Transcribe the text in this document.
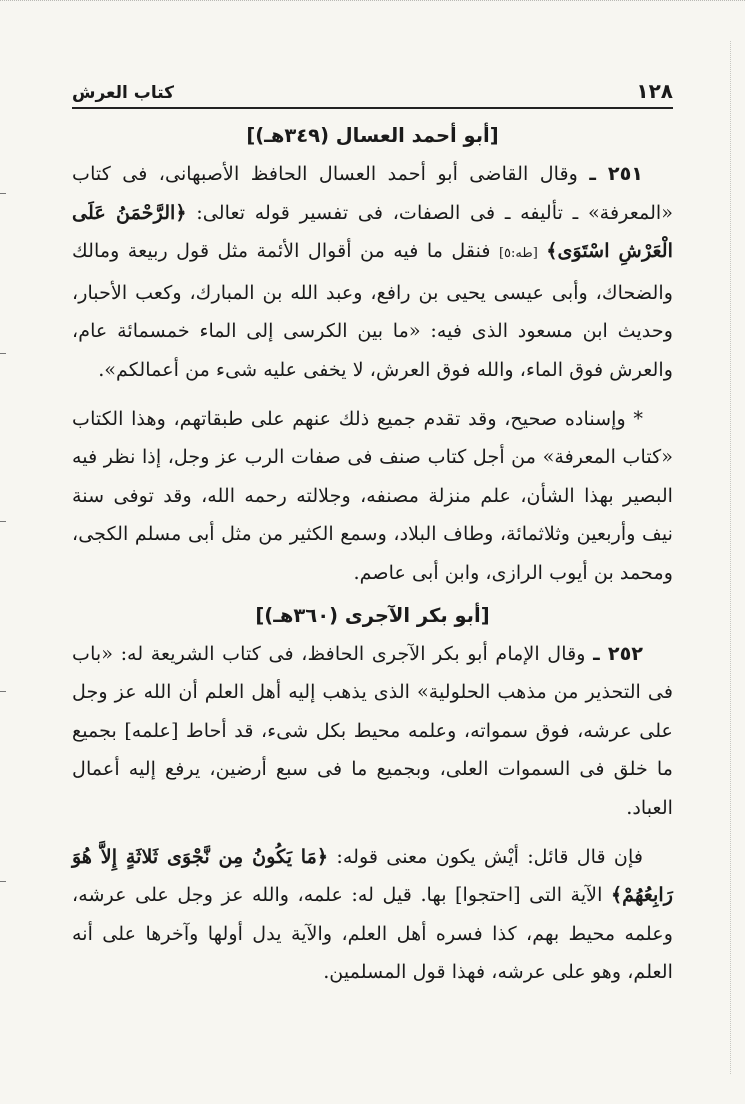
١٢٨
كتاب العرش
[أبو أحمد العسال (٣٤٩هـ)]

٢٥١ ـ وقال القاضى أبو أحمد العسال الحافظ الأصبهانى، فى كتاب «المعرفة» ـ تأليفه ـ فى الصفات، فى تفسير قوله تعالى: ﴿الرَّحْمَنُ عَلَى الْعَرْشِ اسْتَوَى﴾ [طه:٥] فنقل ما فيه من أقوال الأئمة مثل قول ربيعة ومالك والضحاك، وأبى عيسى يحيى بن رافع، وعبد الله بن المبارك، وكعب الأحبار، وحديث ابن مسعود الذى فيه: «ما بين الكرسى إلى الماء خمسمائة عام، والعرش فوق الماء، والله فوق العرش، لا يخفى عليه شىء من أعمالكم».

* وإسناده صحيح، وقد تقدم جميع ذلك عنهم على طبقاتهم، وهذا الكتاب «كتاب المعرفة» من أجل كتاب صنف فى صفات الرب عز وجل، إذا نظر فيه البصير بهذا الشأن، علم منزلة مصنفه، وجلالته رحمه الله، وقد توفى سنة نيف وأربعين وثلاثمائة، وطاف البلاد، وسمع الكثير من مثل أبى مسلم الكجى، ومحمد بن أيوب الرازى، وابن أبى عاصم.

[أبو بكر الآجرى (٣٦٠هـ)]

٢٥٢ ـ وقال الإمام أبو بكر الآجرى الحافظ، فى كتاب الشريعة له: «باب فى التحذير من مذهب الحلولية» الذى يذهب إليه أهل العلم أن الله عز وجل على عرشه، فوق سمواته، وعلمه محيط بكل شىء، قد أحاط [علمه] بجميع ما خلق فى السموات العلى، وبجميع ما فى سبع أرضين، يرفع إليه أعمال العباد.

فإن قال قائل: أيْش يكون معنى قوله: ﴿مَا يَكُونُ مِن نَّجْوَى ثَلاثَةٍ إِلاَّ هُوَ رَابِعُهُمْ﴾ الآية التى [احتجوا] بها. قيل له: علمه، والله عز وجل على عرشه، وعلمه محيط بهم، كذا فسره أهل العلم، والآية يدل أولها وآخرها على أنه العلم، وهو على عرشه، فهذا قول المسلمين.
